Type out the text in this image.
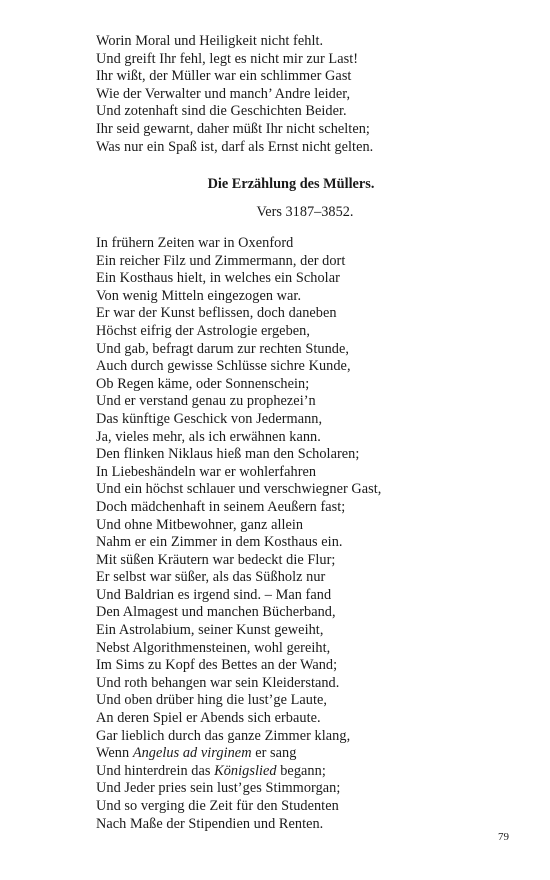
Worin Moral und Heiligkeit nicht fehlt.
Und greift Ihr fehl, legt es nicht mir zur Last!
Ihr wißt, der Müller war ein schlimmer Gast
Wie der Verwalter und manch’ Andre leider,
Und zotenhaft sind die Geschichten Beider.
Ihr seid gewarnt, daher müßt Ihr nicht schelten;
Was nur ein Spaß ist, darf als Ernst nicht gelten.
Die Erzählung des Müllers.
Vers 3187–3852.
In frühern Zeiten war in Oxenford
Ein reicher Filz und Zimmermann, der dort
Ein Kosthaus hielt, in welches ein Scholar
Von wenig Mitteln eingezogen war.
Er war der Kunst beflissen, doch daneben
Höchst eifrig der Astrologie ergeben,
Und gab, befragt darum zur rechten Stunde,
Auch durch gewisse Schlüsse sichre Kunde,
Ob Regen käme, oder Sonnenschein;
Und er verstand genau zu prophezei’n
Das künftige Geschick von Jedermann,
Ja, vieles mehr, als ich erwähnen kann.
Den flinken Niklaus hieß man den Scholaren;
In Liebeshändeln war er wohlerfahren
Und ein höchst schlauer und verschwiegner Gast,
Doch mädchenhaft in seinem Aeußern fast;
Und ohne Mitbewohner, ganz allein
Nahm er ein Zimmer in dem Kosthaus ein.
Mit süßen Kräutern war bedeckt die Flur;
Er selbst war süßer, als das Süßholz nur
Und Baldrian es irgend sind. – Man fand
Den Almagest und manchen Bücherband,
Ein Astrolabium, seiner Kunst geweiht,
Nebst Algorithmensteinen, wohl gereiht,
Im Sims zu Kopf des Bettes an der Wand;
Und roth behangen war sein Kleiderstand.
Und oben drüber hing die lust’ge Laute,
An deren Spiel er Abends sich erbaute.
Gar lieblich durch das ganze Zimmer klang,
Wenn Angelus ad virginem er sang
Und hinterdrein das Königslied begann;
Und Jeder pries sein lust’ges Stimmorgan;
Und so verging die Zeit für den Studenten
Nach Maße der Stipendien und Renten.
79
